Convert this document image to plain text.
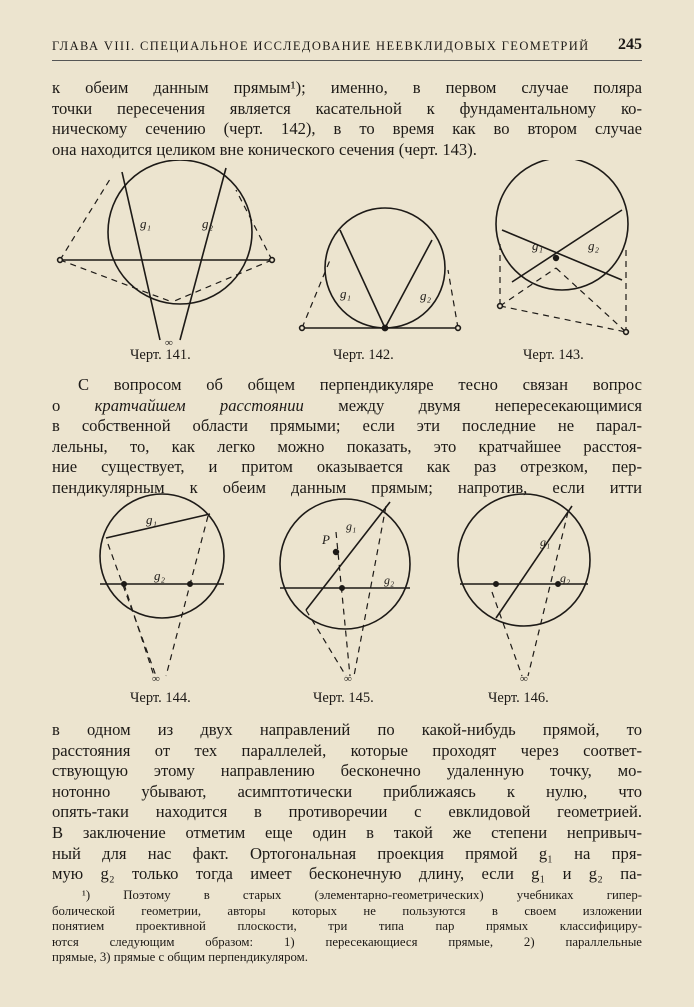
ГЛАВА VIII. СПЕЦИАЛЬНОЕ ИССЛЕДОВАНИЕ НЕЕВКЛИДОВЫХ ГЕОМЕТРИЙ 245
к обеим данным прямым¹); именно, в первом случае поляра
точки пересечения является касательной к фундаментальному ко-
ническому сечению (черт. 142), в то время как во втором случае
она находится целиком вне конического сечения (черт. 143).
g₁	g₂
∞
g₁	g₂
g₁	g₂
Черт. 141.	Черт. 142.	Черт. 143.
С вопросом об общем перпендикуляре тесно связан вопрос
о кратчайшем расстоянии между двумя непересекающимися
в собственной области прямыми; если эти последние не парал-
лельны, то, как легко можно показать, это кратчайшее расстоя-
ние существует, и притом оказывается как раз отрезком, пер-
пендикулярным к обеим данным прямым; напротив, если итти
g₁
g₂
∞
P
g₁
g₂
∞
g₁
g₂
∞
Черт. 144.	Черт. 145.	Черт. 146.
в одном из двух направлений по какой-нибудь прямой, то
расстояния от тех параллелей, которые проходят через соответ-
ствующую этому направлению бесконечно удаленную точку, мо-
нотонно убывают, асимптотически приближаясь к нулю, что
опять-таки находится в противоречии с евклидовой геометрией.
В заключение отметим еще один в такой же степени непривыч-
ный для нас факт. Ортогональная проекция прямой g₁ на пря-
мую g₂ только тогда имеет бесконечную длину, если g₁ и g₂ па-
¹) Поэтому в старых (элементарно-геометрических) учебниках гипер-
болической геометрии, авторы которых не пользуются в своем изложении
понятием проективной плоскости, три типа пар прямых классифициру-
ются следующим образом: 1) пересекающиеся прямые, 2) параллельные
прямые, 3) прямые с общим перпендикуляром.
